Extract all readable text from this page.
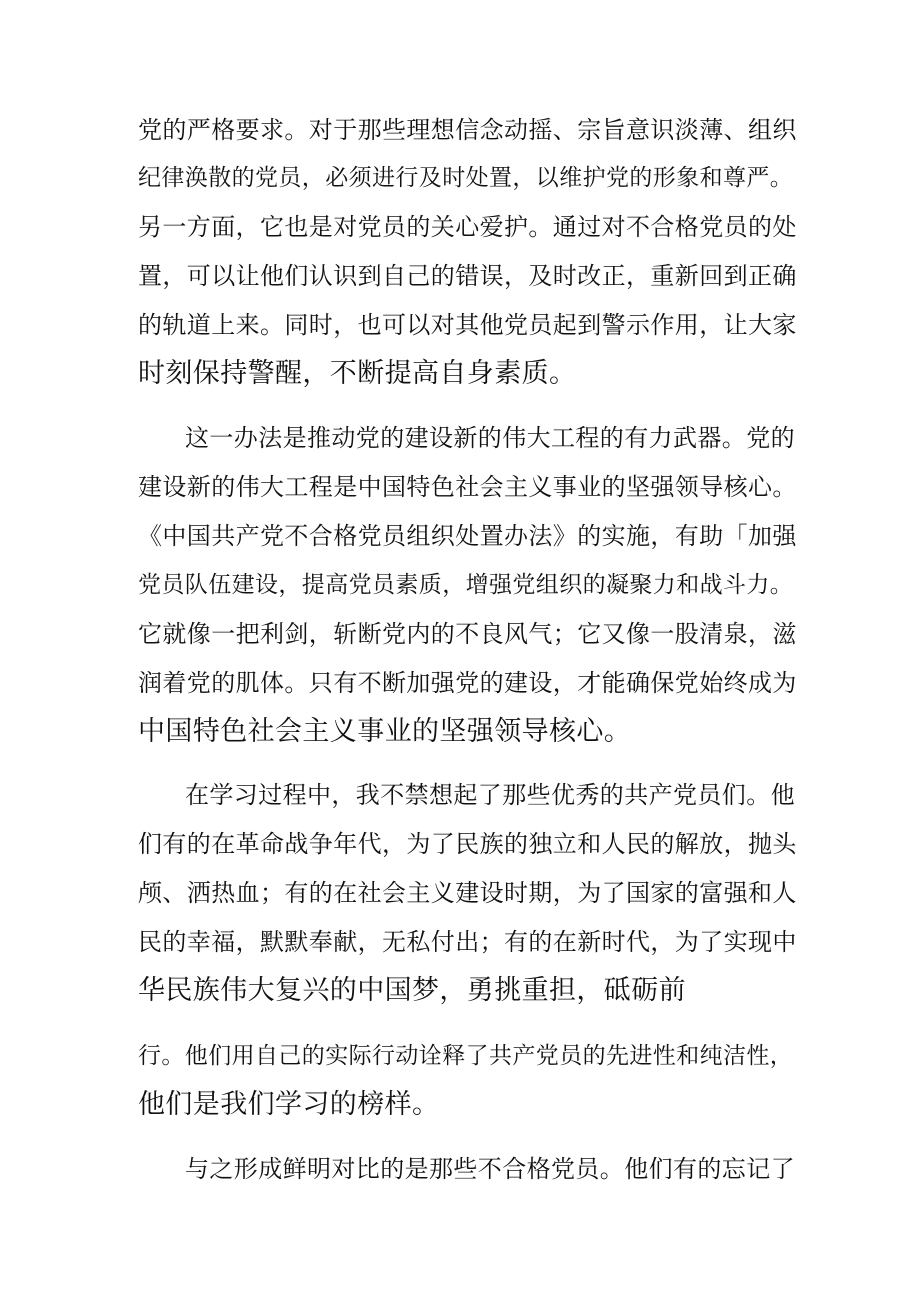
党的严格要求。对于那些理想信念动摇、宗旨意识淡薄、组织
纪律涣散的党员，必须进行及时处置，以维护党的形象和尊严。
另一方面，它也是对党员的关心爱护。通过对不合格党员的处
置，可以让他们认识到自己的错误，及时改正，重新回到正确
的轨道上来。同时，也可以对其他党员起到警示作用，让大家
时刻保持警醒，不断提高自身素质。
这一办法是推动党的建设新的伟大工程的有力武器。党的
建设新的伟大工程是中国特色社会主义事业的坚强领导核心。
《中国共产党不合格党员组织处置办法》的实施，有助「加强
党员队伍建设，提高党员素质，增强党组织的凝聚力和战斗力。
它就像一把利剑，斩断党内的不良风气；它又像一股清泉，滋
润着党的肌体。只有不断加强党的建设，才能确保党始终成为
中国特色社会主义事业的坚强领导核心。
在学习过程中，我不禁想起了那些优秀的共产党员们。他
们有的在革命战争年代，为了民族的独立和人民的解放，抛头
颅、洒热血；有的在社会主义建设时期，为了国家的富强和人
民的幸福，默默奉献，无私付出；有的在新时代，为了实现中
华民族伟大复兴的中国梦，勇挑重担，砥砺前
行。他们用自己的实际行动诠释了共产党员的先进性和纯洁性，
他们是我们学习的榜样。
与之形成鲜明对比的是那些不合格党员。他们有的忘记了
